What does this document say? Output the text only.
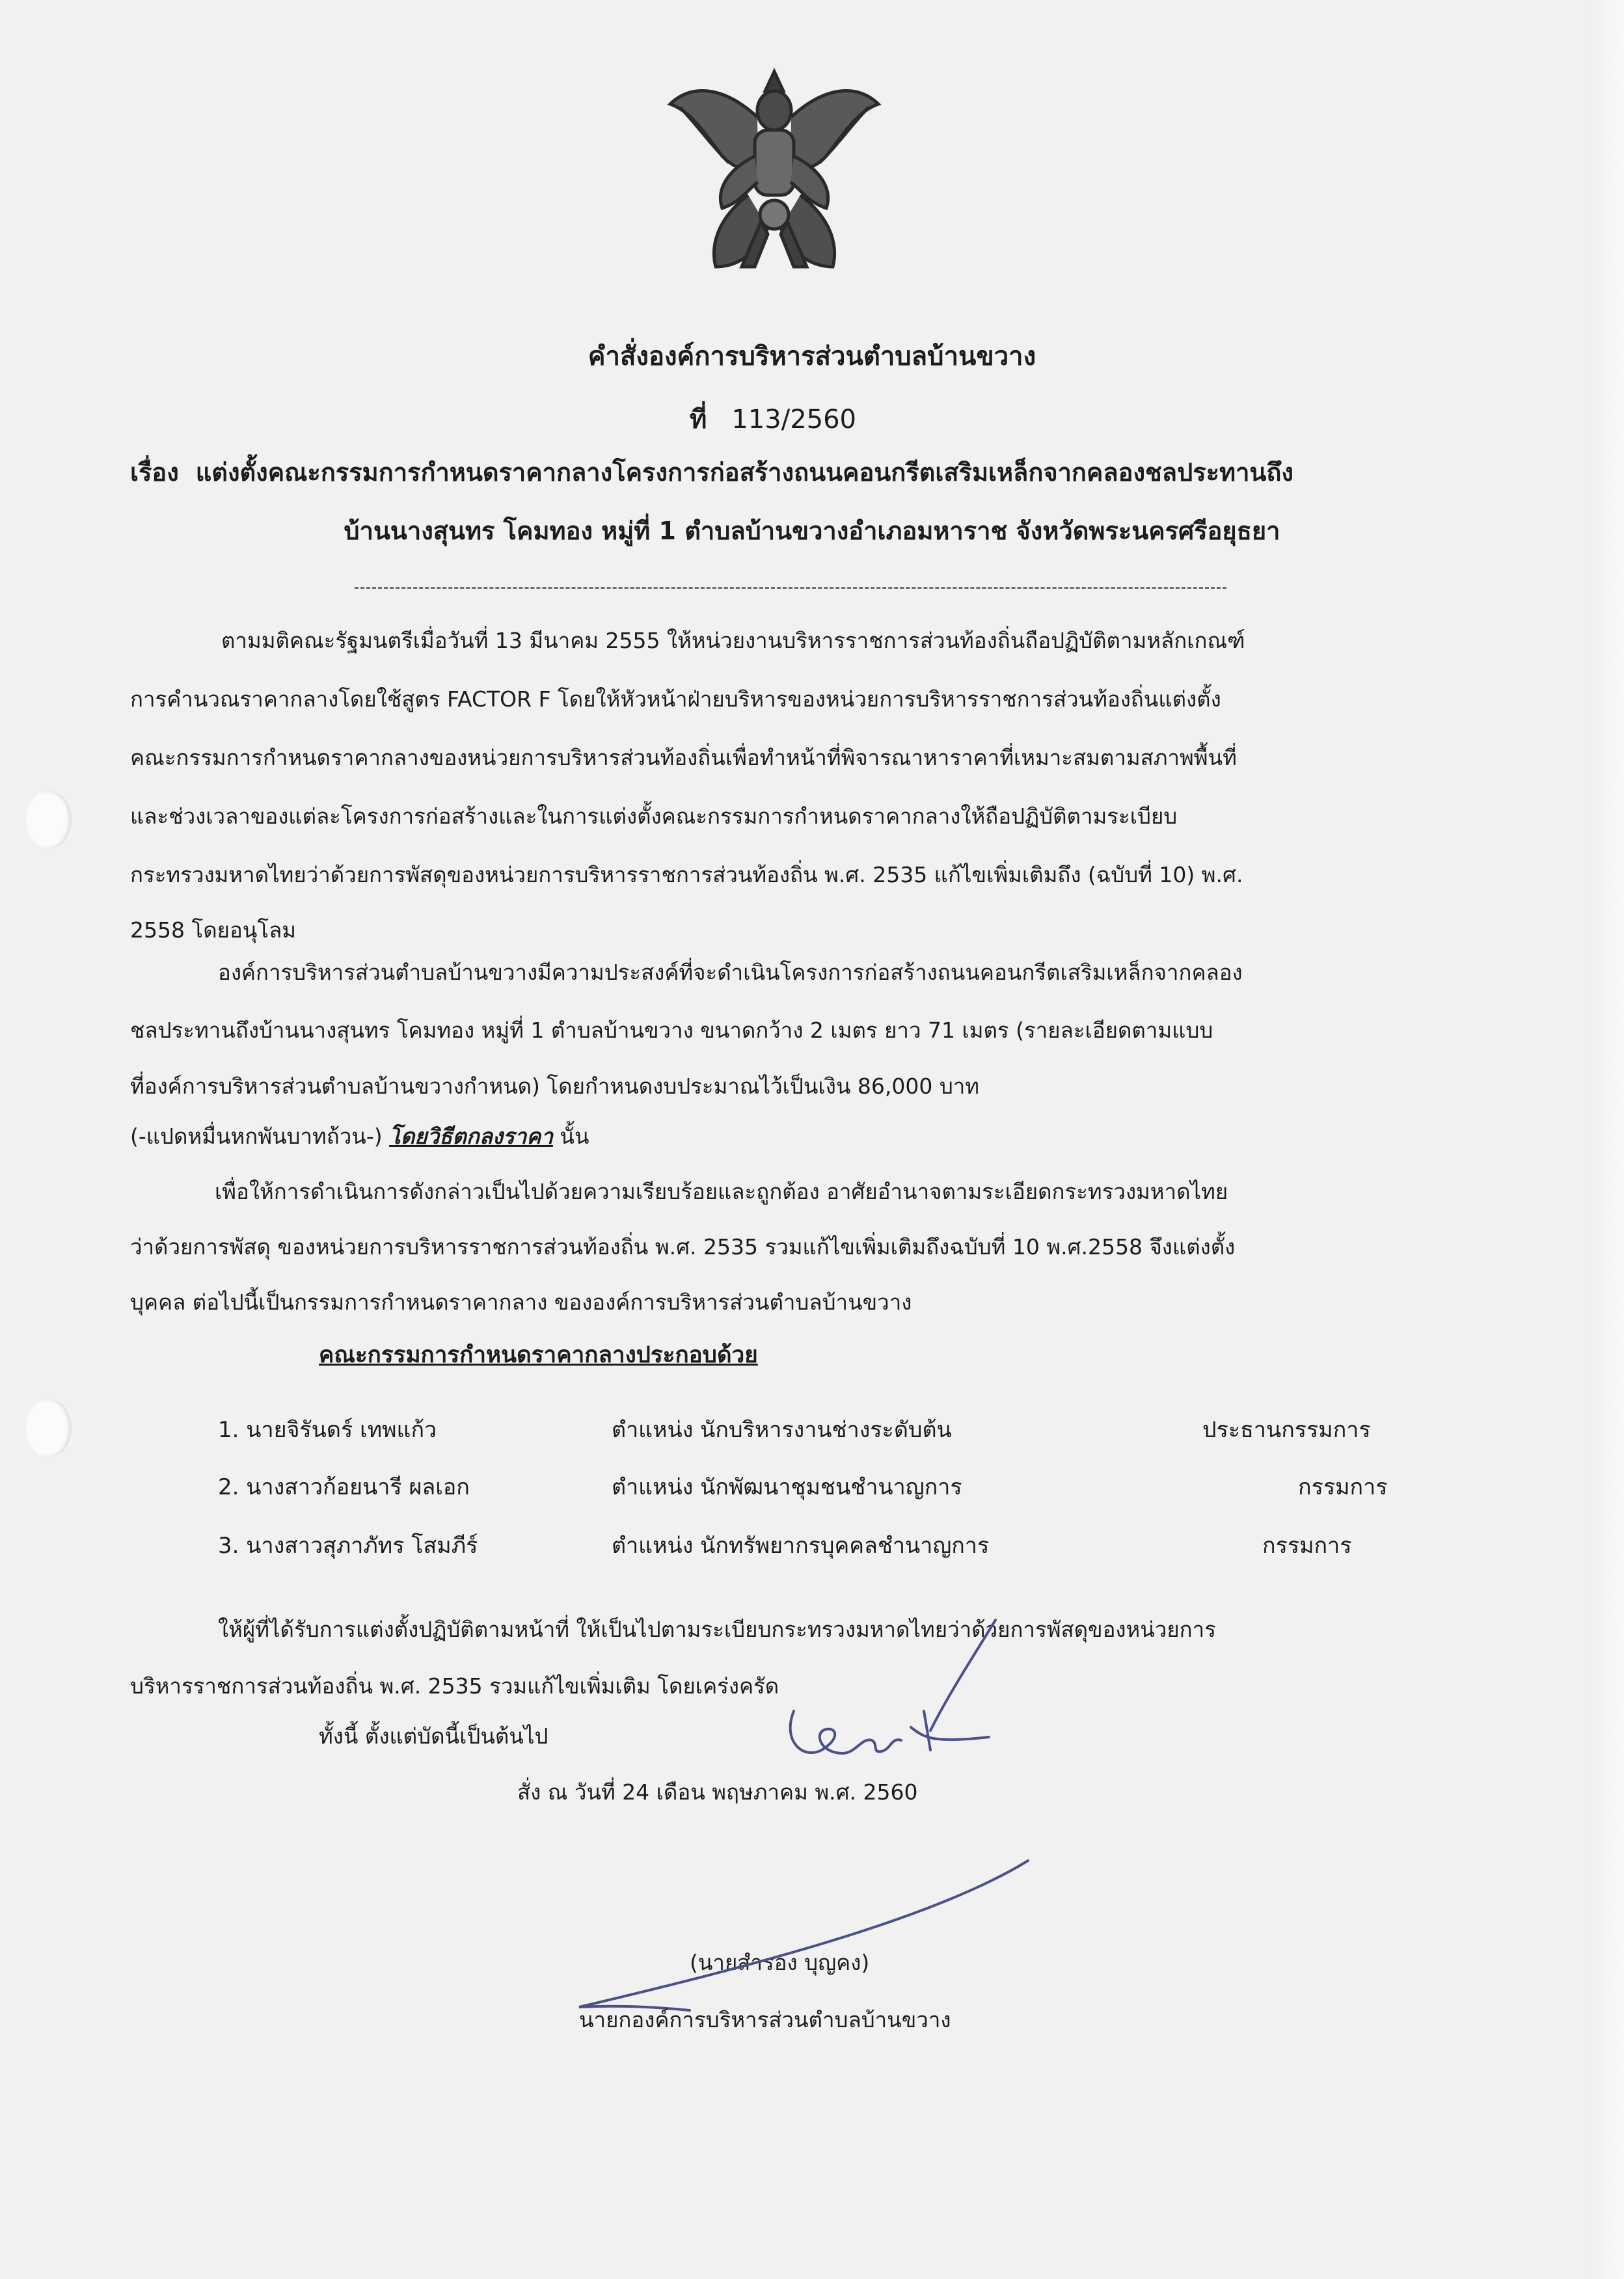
คำสั่งองค์การบริหารส่วนตำบลบ้านขวาง
ที่ 113/2560
เรื่อง แต่งตั้งคณะกรรมการกำหนดราคากลางโครงการก่อสร้างถนนคอนกรีตเสริมเหล็กจากคลองชลประทานถึง
บ้านนางสุนทร โคมทอง หมู่ที่ 1 ตำบลบ้านขวางอำเภอมหาราช จังหวัดพระนครศรีอยุธยา
ตามมติคณะรัฐมนตรีเมื่อวันที่ 13 มีนาคม 2555 ให้หน่วยงานบริหารราชการส่วนท้องถิ่นถือปฏิบัติตามหลักเกณฑ์
การคำนวณราคากลางโดยใช้สูตร FACTOR F โดยให้หัวหน้าฝ่ายบริหารของหน่วยการบริหารราชการส่วนท้องถิ่นแต่งตั้ง
คณะกรรมการกำหนดราคากลางของหน่วยการบริหารส่วนท้องถิ่นเพื่อทำหน้าที่พิจารณาหาราคาที่เหมาะสมตามสภาพพื้นที่
และช่วงเวลาของแต่ละโครงการก่อสร้างและในการแต่งตั้งคณะกรรมการกำหนดราคากลางให้ถือปฏิบัติตามระเบียบ
กระทรวงมหาดไทยว่าด้วยการพัสดุของหน่วยการบริหารราชการส่วนท้องถิ่น พ.ศ. 2535 แก้ไขเพิ่มเติมถึง (ฉบับที่ 10) พ.ศ.
2558 โดยอนุโลม
องค์การบริหารส่วนตำบลบ้านขวางมีความประสงค์ที่จะดำเนินโครงการก่อสร้างถนนคอนกรีตเสริมเหล็กจากคลอง
ชลประทานถึงบ้านนางสุนทร โคมทอง หมู่ที่ 1 ตำบลบ้านขวาง ขนาดกว้าง 2 เมตร ยาว 71 เมตร (รายละเอียดตามแบบ
ที่องค์การบริหารส่วนตำบลบ้านขวางกำหนด) โดยกำหนดงบประมาณไว้เป็นเงิน 86,000 บาท
(-แปดหมื่นหกพันบาทถ้วน-) โดยวิธีตกลงราคา นั้น
เพื่อให้การดำเนินการดังกล่าวเป็นไปด้วยความเรียบร้อยและถูกต้อง อาศัยอำนาจตามระเอียดกระทรวงมหาดไทย
ว่าด้วยการพัสดุ ของหน่วยการบริหารราชการส่วนท้องถิ่น พ.ศ. 2535 รวมแก้ไขเพิ่มเติมถึงฉบับที่ 10 พ.ศ.2558 จึงแต่งตั้ง
บุคคล ต่อไปนี้เป็นกรรมการกำหนดราคากลาง ขององค์การบริหารส่วนตำบลบ้านขวาง
คณะกรรมการกำหนดราคากลางประกอบด้วย
1. นายจิรันดร์ เทพแก้ว	ตำแหน่ง นักบริหารงานช่างระดับต้น	ประธานกรรมการ
2. นางสาวก้อยนารี ผลเอก	ตำแหน่ง นักพัฒนาชุมชนชำนาญการ	กรรมการ
3. นางสาวสุภาภัทร โสมภีร์	ตำแหน่ง นักทรัพยากรบุคคลชำนาญการ	กรรมการ
ให้ผู้ที่ได้รับการแต่งตั้งปฏิบัติตามหน้าที่ ให้เป็นไปตามระเบียบกระทรวงมหาดไทยว่าด้วยการพัสดุของหน่วยการ
บริหารราชการส่วนท้องถิ่น พ.ศ. 2535 รวมแก้ไขเพิ่มเติม โดยเคร่งครัด
ทั้งนี้ ตั้งแต่บัดนี้เป็นต้นไป
สั่ง ณ วันที่ 24 เดือน พฤษภาคม พ.ศ. 2560
(นายสำรอง บุญคง)
นายกองค์การบริหารส่วนตำบลบ้านขวาง
